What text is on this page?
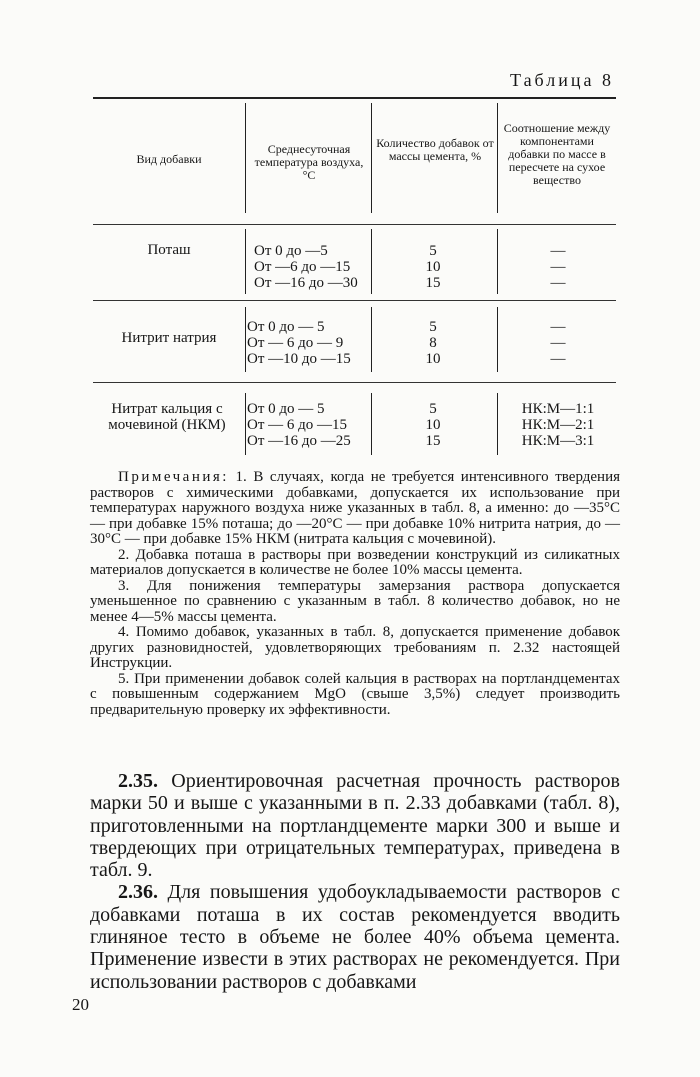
Таблица 8
Вид добавки
Среднесуточная температура воздуха, °С
Количество добавок от массы цемента, %
Соотношение между компонентами добавки по массе в пересчете на сухое вещество
Поташ	От 0 до —5
От —6 до —15
От —16 до —30
5
10
15
—
—
—
Нитрит натрия
От 0 до — 5
От — 6 до — 9
От —10 до —15
5
8
10
—
—
—
Нитрат кальция с мочевиной (НКМ)
От 0 до — 5
От — 6 до —15
От —16 до —25
5
10
15
НК:М—1:1
НК:М—2:1
НК:М—3:1

Примечания: 1. В случаях, когда не требуется интенсивного твердения растворов с химическими добавками, допускается их использование при температурах наружного воздуха ниже указанных в табл. 8, а именно: до —35°С — при добавке 15% поташа; до —20°С — при добавке 10% нитрита натрия, до —30°С — при добавке 15% НКМ (нитрата кальция с мочевиной).

2. Добавка поташа в растворы при возведении конструкций из силикатных материалов допускается в количестве не более 10% массы цемента.

3. Для понижения температуры замерзания раствора допускается уменьшенное по сравнению с указанным в табл. 8 количество добавок, но не менее 4—5% массы цемента.

4. Помимо добавок, указанных в табл. 8, допускается применение добавок других разновидностей, удовлетворяющих требованиям п. 2.32 настоящей Инструкции.

5. При применении добавок солей кальция в растворах на портландцементах с повышенным содержанием MgO (свыше 3,5%) следует производить предварительную проверку их эффективности.

2.35. Ориентировочная расчетная прочность растворов марки 50 и выше с указанными в п. 2.33 добавками (табл. 8), приготовленными на портландцементе марки 300 и выше и твердеющих при отрицательных температурах, приведена в табл. 9.

2.36. Для повышения удобоукладываемости растворов с добавками поташа в их состав рекомендуется вводить глиняное тесто в объеме не более 40% объема цемента. Применение извести в этих растворах не рекомендуется. При использовании растворов с добавками

20
